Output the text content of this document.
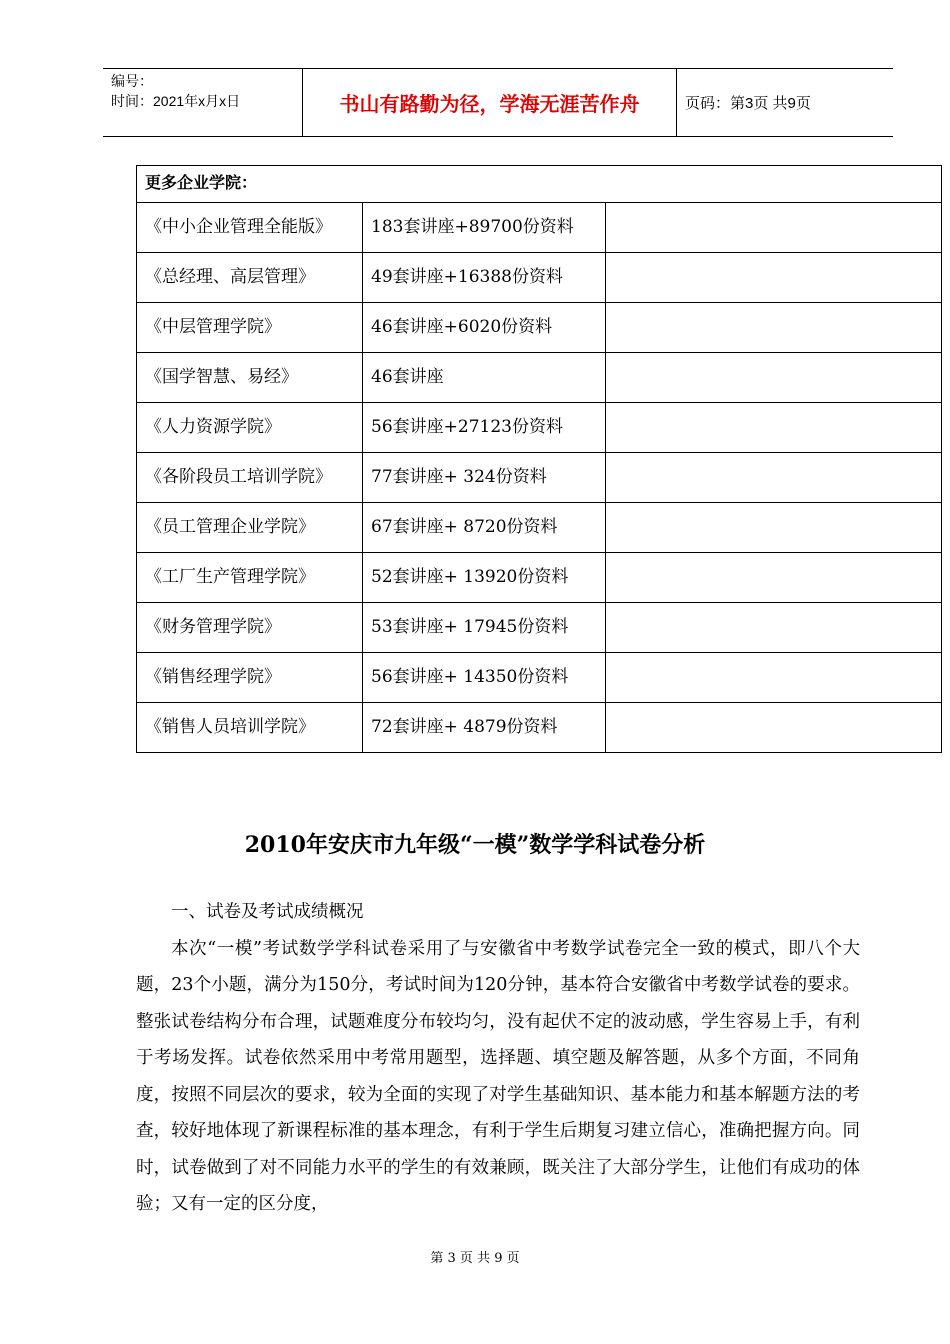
编号：
时间：2021年x月x日	书山有路勤为径，学海无涯苦作舟	页码：第3页 共9页
更多企业学院：		
《中小企业管理全能版》	183套讲座+89700份资料	
《总经理、高层管理》	49套讲座+16388份资料	
《中层管理学院》	46套讲座+6020份资料	
《国学智慧、易经》	46套讲座	
《人力资源学院》	56套讲座+27123份资料	
《各阶段员工培训学院》	77套讲座+ 324份资料	
《员工管理企业学院》	67套讲座+ 8720份资料	
《工厂生产管理学院》	52套讲座+ 13920份资料	
《财务管理学院》	53套讲座+ 17945份资料	
《销售经理学院》	56套讲座+ 14350份资料	
《销售人员培训学院》	72套讲座+ 4879份资料	
2010年安庆市九年级“一模”数学学科试卷分析

一、试卷及考试成绩概况

本次“一模”考试数学学科试卷采用了与安徽省中考数学试卷完全一致的模式，即八个大题，23个小题，满分为150分，考试时间为120分钟，基本符合安徽省中考数学试卷的要求。整张试卷结构分布合理，试题难度分布较均匀，没有起伏不定的波动感，学生容易上手，有利于考场发挥。试卷依然采用中考常用题型，选择题、填空题及解答题，从多个方面，不同角度，按照不同层次的要求，较为全面的实现了对学生基础知识、基本能力和基本解题方法的考查，较好地体现了新课程标准的基本理念，有利于学生后期复习建立信心，准确把握方向。同时，试卷做到了对不同能力水平的学生的有效兼顾，既关注了大部分学生，让他们有成功的体验；又有一定的区分度，

第 3 页 共 9 页
